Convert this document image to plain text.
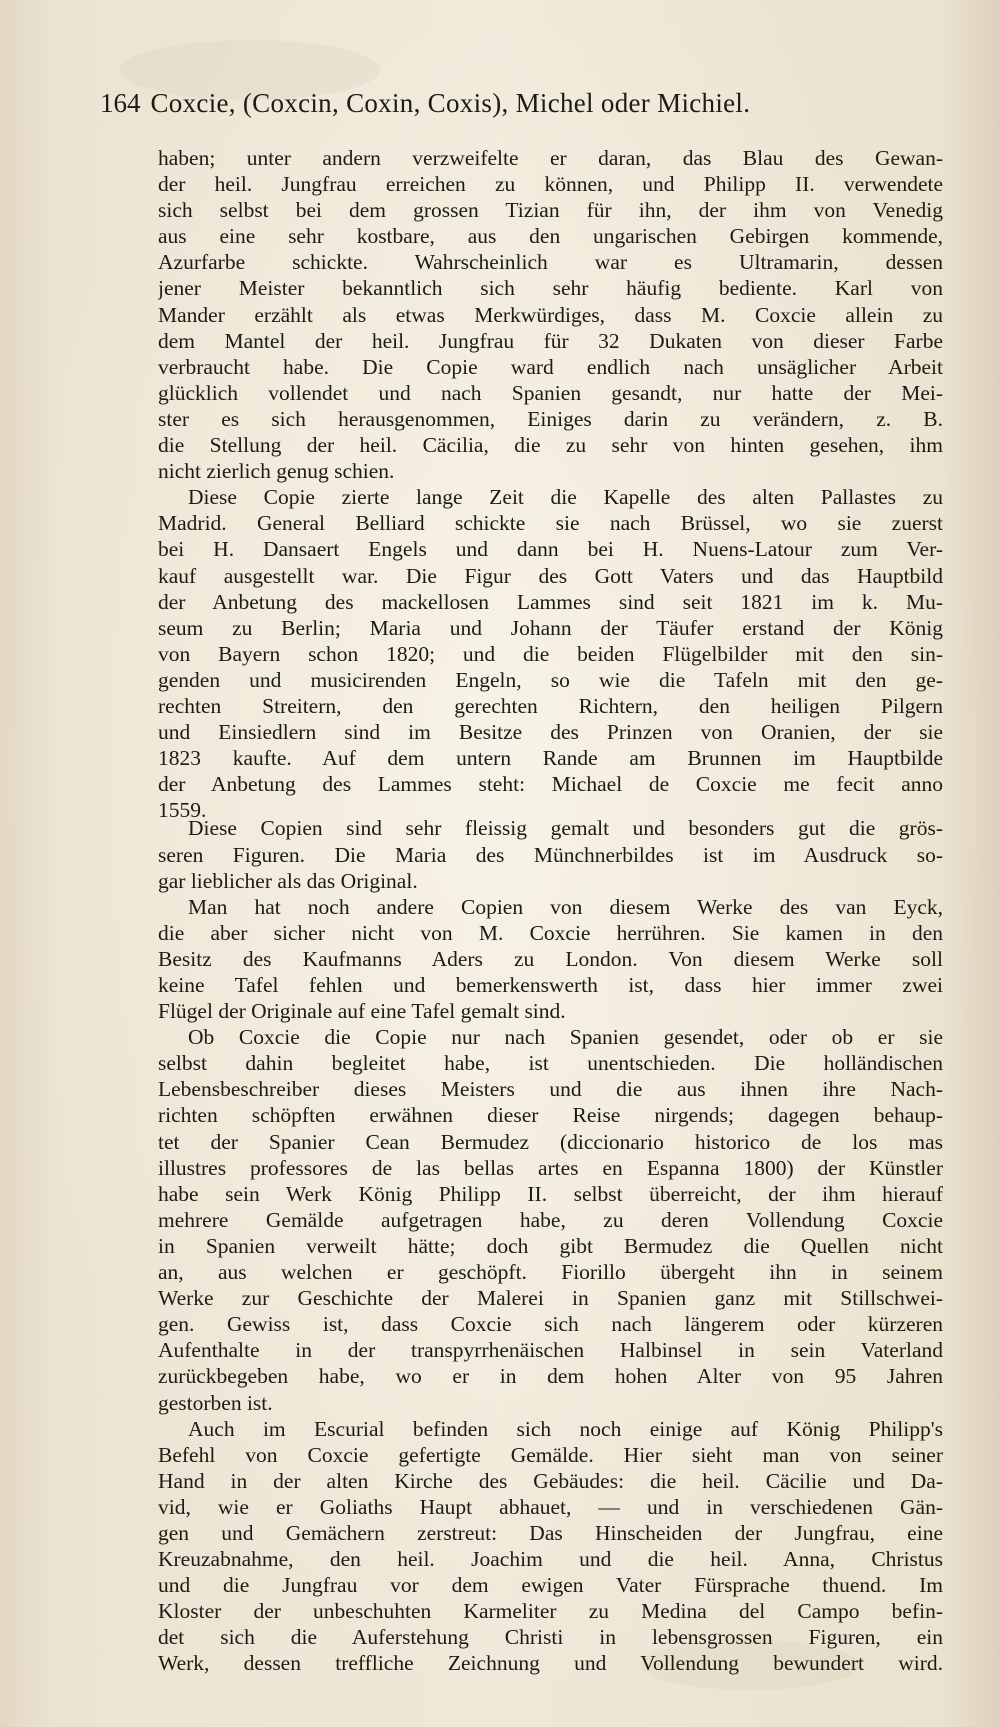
164 Coxcie, (Coxcin, Coxin, Coxis), Michel oder Michiel.
haben; unter andern verzweifelte er daran, das Blau des Gewan-
der heil. Jungfrau erreichen zu können, und Philipp II. verwendete
sich selbst bei dem grossen Tizian für ihn, der ihm von Venedig
aus eine sehr kostbare, aus den ungarischen Gebirgen kommende,
Azurfarbe schickte. Wahrscheinlich war es Ultramarin, dessen
jener Meister bekanntlich sich sehr häufig bediente. Karl von
Mander erzählt als etwas Merkwürdiges, dass M. Coxcie allein zu
dem Mantel der heil. Jungfrau für 32 Dukaten von dieser Farbe
verbraucht habe. Die Copie ward endlich nach unsäglicher Arbeit
glücklich vollendet und nach Spanien gesandt, nur hatte der Mei-
ster es sich herausgenommen, Einiges darin zu verändern, z. B.
die Stellung der heil. Cäcilia, die zu sehr von hinten gesehen, ihm
nicht zierlich genug schien.
Diese Copie zierte lange Zeit die Kapelle des alten Pallastes zu
Madrid. General Belliard schickte sie nach Brüssel, wo sie zuerst
bei H. Dansaert Engels und dann bei H. Nuens-Latour zum Ver-
kauf ausgestellt war. Die Figur des Gott Vaters und das Hauptbild
der Anbetung des mackellosen Lammes sind seit 1821 im k. Mu-
seum zu Berlin; Maria und Johann der Täufer erstand der König
von Bayern schon 1820; und die beiden Flügelbilder mit den sin-
genden und musicirenden Engeln, so wie die Tafeln mit den ge-
rechten Streitern, den gerechten Richtern, den heiligen Pilgern
und Einsiedlern sind im Besitze des Prinzen von Oranien, der sie
1823 kaufte. Auf dem untern Rande am Brunnen im Hauptbilde
der Anbetung des Lammes steht: Michael de Coxcie me fecit anno
1559.
Diese Copien sind sehr fleissig gemalt und besonders gut die grös-
seren Figuren. Die Maria des Münchnerbildes ist im Ausdruck so-
gar lieblicher als das Original.
Man hat noch andere Copien von diesem Werke des van Eyck,
die aber sicher nicht von M. Coxcie herrühren. Sie kamen in den
Besitz des Kaufmanns Aders zu London. Von diesem Werke soll
keine Tafel fehlen und bemerkenswerth ist, dass hier immer zwei
Flügel der Originale auf eine Tafel gemalt sind.
Ob Coxcie die Copie nur nach Spanien gesendet, oder ob er sie
selbst dahin begleitet habe, ist unentschieden. Die holländischen
Lebensbeschreiber dieses Meisters und die aus ihnen ihre Nach-
richten schöpften erwähnen dieser Reise nirgends; dagegen behaup-
tet der Spanier Cean Bermudez (diccionario historico de los mas
illustres professores de las bellas artes en Espanna 1800) der Künstler
habe sein Werk König Philipp II. selbst überreicht, der ihm hierauf
mehrere Gemälde aufgetragen habe, zu deren Vollendung Coxcie
in Spanien verweilt hätte; doch gibt Bermudez die Quellen nicht
an, aus welchen er geschöpft. Fiorillo übergeht ihn in seinem
Werke zur Geschichte der Malerei in Spanien ganz mit Stillschwei-
gen. Gewiss ist, dass Coxcie sich nach längerem oder kürzeren
Aufenthalte in der transpyrrhenäischen Halbinsel in sein Vaterland
zurückbegeben habe, wo er in dem hohen Alter von 95 Jahren
gestorben ist.
Auch im Escurial befinden sich noch einige auf König Philipp's
Befehl von Coxcie gefertigte Gemälde. Hier sieht man von seiner
Hand in der alten Kirche des Gebäudes: die heil. Cäcilie und Da-
vid, wie er Goliaths Haupt abhauet, — und in verschiedenen Gän-
gen und Gemächern zerstreut: Das Hinscheiden der Jungfrau, eine
Kreuzabnahme, den heil. Joachim und die heil. Anna, Christus
und die Jungfrau vor dem ewigen Vater Fürsprache thuend. Im
Kloster der unbeschuhten Karmeliter zu Medina del Campo befin-
det sich die Auferstehung Christi in lebensgrossen Figuren, ein
Werk, dessen treffliche Zeichnung und Vollendung bewundert wird.
